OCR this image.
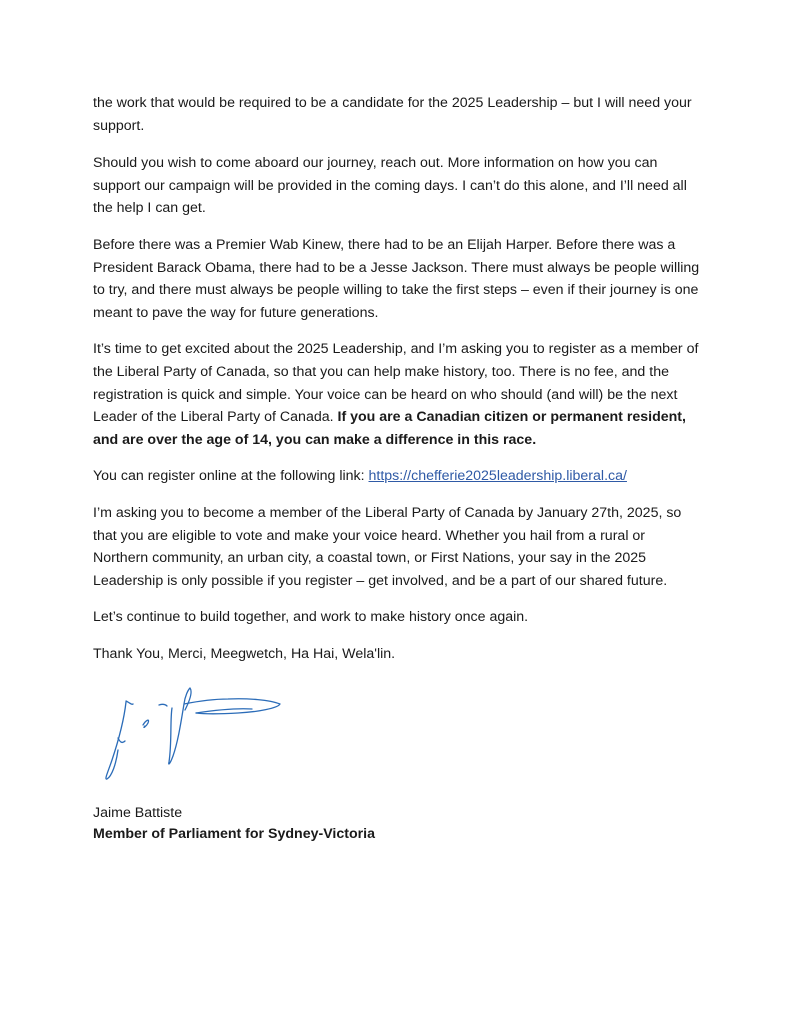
the work that would be required to be a candidate for the 2025 Leadership – but I will need your support.

Should you wish to come aboard our journey, reach out. More information on how you can support our campaign will be provided in the coming days. I can’t do this alone, and I’ll need all the help I can get.

Before there was a Premier Wab Kinew, there had to be an Elijah Harper. Before there was a President Barack Obama, there had to be a Jesse Jackson. There must always be people willing to try, and there must always be people willing to take the first steps – even if their journey is one meant to pave the way for future generations.

It’s time to get excited about the 2025 Leadership, and I’m asking you to register as a member of the Liberal Party of Canada, so that you can help make history, too. There is no fee, and the registration is quick and simple. Your voice can be heard on who should (and will) be the next Leader of the Liberal Party of Canada. If you are a Canadian citizen or permanent resident, and are over the age of 14, you can make a difference in this race.

You can register online at the following link: https://chefferie2025leadership.liberal.ca/

I’m asking you to become a member of the Liberal Party of Canada by January 27th, 2025, so that you are eligible to vote and make your voice heard. Whether you hail from a rural or Northern community, an urban city, a coastal town, or First Nations, your say in the 2025 Leadership is only possible if you register – get involved, and be a part of our shared future.

Let’s continue to build together, and work to make history once again.

Thank You, Merci, Meegwetch, Ha Hai, Wela'lin.

Jaime Battiste
Member of Parliament for Sydney-Victoria
